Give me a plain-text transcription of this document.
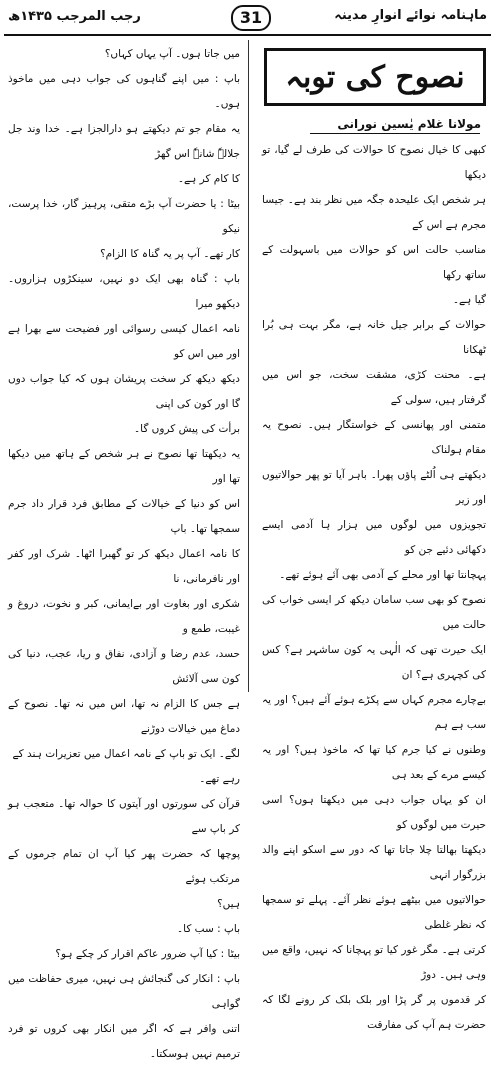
ماہنامہ نوائے انوارِ مدینہ
31
رجب المرجب ۱۴۳۵ھ
نصوح کی توبہ
مولانا غلام یٰسین نورانی

کبھی کا خیال نصوح کا حوالات کی طرف لے گیا، تو دیکھا

ہر شخص ایک علیحدہ جگہ میں نظر بند ہے۔ جیسا مجرم ہے اس کے

مناسب حالت اس کو حوالات میں باسہولت کے ساتھ رکھا

گیا ہے۔

حوالات کے برابر جیل خانہ ہے، مگر بہت ہی بُرا ٹھکانا

ہے۔ محنت کڑی، مشقت سخت، جو اس میں گرفتار ہیں، سولی کے

متمنی اور پھانسی کے خواستگار ہیں۔ نصوح یہ مقام ہولناک

دیکھتے ہی اُلٹے پاؤں پھرا۔ باہر آیا تو پھر حوالاتیوں اور زیر

تجویزوں میں لوگوں میں ہزار ہا آدمی ایسے دکھائی دئیے جن کو

پہچانتا تھا اور محلے کے آدمی بھی آئے ہوئے تھے۔

نصوح کو بھی سب سامان دیکھ کر ایسی خواب کی حالت میں

ایک حیرت تھی کہ الٰہی یہ کون ساشہر ہے؟ کس کی کچہری ہے؟ ان

بےچارے مجرم کہاں سے پکڑے ہوئے آئے ہیں؟ اور یہ سب ہے ہم

وطنوں نے کیا جرم کیا تھا کہ ماخوذ ہیں؟ اور یہ کیسے مرے کے بعد ہی

ان کو یہاں جواب دہی میں دیکھتا ہوں؟ اسی حیرت میں لوگوں کو

دیکھتا بھالتا چلا جاتا تھا کہ دور سے اسکو اپنے والد بزرگوار انہی

حوالاتیوں میں بیٹھے ہوئے نظر آئے۔ پہلے تو سمجھا کہ نظر غلطی

کرتی ہے۔ مگر غور کیا تو پہچانا کہ نہیں، واقع میں وہی ہیں۔ دوڑ

کر قدموں پر گر پڑا اور بلک بلک کر رونے لگا کہ حضرت ہم آپ کی مفارقت

میں جاتا ہوں۔ آپ یہاں کہاں؟

باپ : میں اپنے گناہوں کی جواب دہی میں ماخوذ ہوں۔

یہ مقام جو تم دیکھتے ہو دارالجزا ہے۔ خدا وند جل جلالہٗ شانہٗ اس گھڑ

کا کام کر ہے۔

بیٹا : یا حضرت آپ بڑے متقی، پرہیز گار، خدا پرست، نیکو

کار تھے۔ آپ پر یہ گناہ کا الزام؟

باپ : گناہ بھی ایک دو نہیں، سینکڑوں ہزاروں۔ دیکھو میرا

نامہ اعمال کیسی رسوائی اور فضیحت سے بھرا ہے اور میں اس کو

دیکھ دیکھ کر سخت پریشان ہوں کہ کیا جواب دوں گا اور کون کی اپنی

برأت کی پیش کروں گا۔

یہ دیکھتا تھا نصوح نے ہر شخص کے ہاتھ میں دیکھا تھا اور

اس کو دنیا کے خیالات کے مطابق فرد قرار داد جرم سمجھا تھا۔ باپ

کا نامہ اعمال دیکھ کر تو گھبرا اٹھا۔ شرک اور کفر اور نافرمانی، نا

شکری اور بغاوت اور بےایمانی، کبر و نخوت، دروغ و غیبت، طمع و

حسد، عدم رضا و آزادی، نفاق و ریا، عجب، دنیا کی کون سی آلائش

ہے جس کا الزام نہ تھا، اس میں نہ تھا۔ نصوح کے دماغ میں خیالات دوڑنے

لگے۔ ایک تو باپ کے نامہ اعمال میں تعزیرات ہند کے

رہے تھے۔

قرآن کی سورتوں اور آیتوں کا حوالہ تھا۔ متعجب ہو کر باپ سے

پوچھا کہ حضرت پھر کیا آپ ان تمام جرموں کے مرتکب ہوئے

ہیں؟

باپ : سب کا۔

بیٹا : کیا آپ ضرور عاکم اقرار کر چکے ہو؟

باپ : انکار کی گنجائش ہی نہیں، میری حفاظت میں گواہی

اتنی وافر ہے کہ اگر میں انکار بھی کروں تو فرد ترمیم نہیں ہوسکتا۔
